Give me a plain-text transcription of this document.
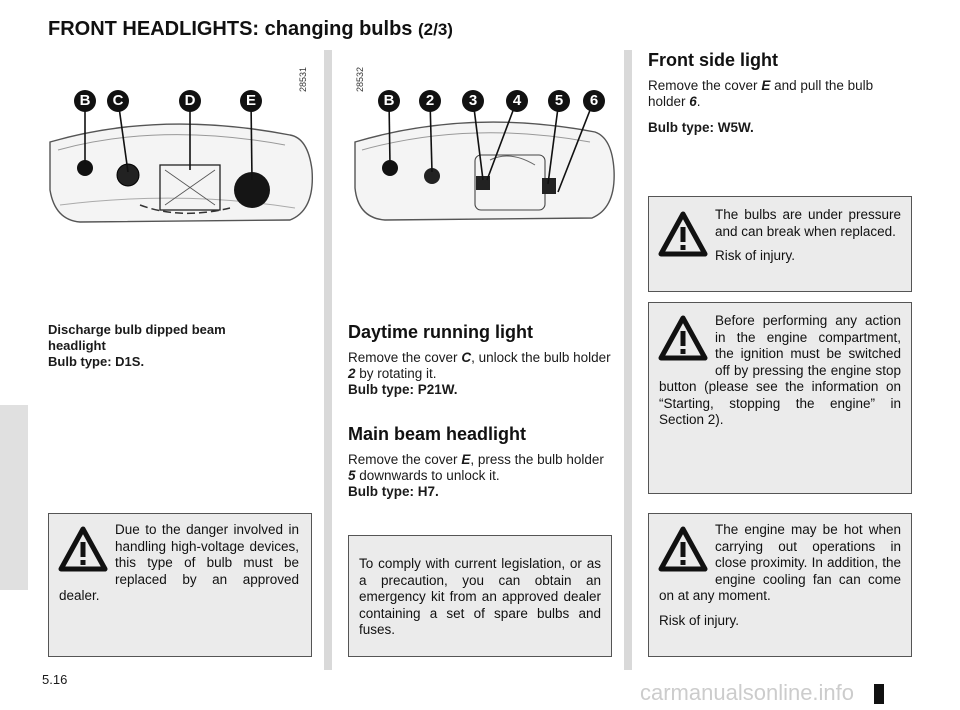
FRONT HEADLIGHTS: changing bulbs (2/3)
28531
B	C	D	E
28532
B	2	3	4	5	6
Discharge bulb dipped beam
headlight
Bulb type: D1S.
Due to the danger involved in handling high-voltage devices, this type of bulb must be replaced by an approved dealer.
Daytime running light
Remove the cover C, unlock the bulb holder 2 by rotating it.
Bulb type: P21W.
Main beam headlight
Remove the cover E, press the bulb holder 5 downwards to unlock it.
Bulb type: H7.
To comply with current legislation, or as a precaution, you can obtain an emergency kit from an approved dealer containing a set of spare bulbs and fuses.
Front side light
Remove the cover E and pull the bulb holder 6.
Bulb type: W5W.
The bulbs are under pressure and can break when replaced.
Risk of injury.
Before performing any action in the engine compartment, the ignition must be switched off by pressing the engine stop button (please see the information on “Starting, stopping the engine” in Section 2).
The engine may be hot when carrying out operations in close proximity. In addition, the engine cooling fan can come on at any moment.
Risk of injury.
5.16
carmanualsonline.info
